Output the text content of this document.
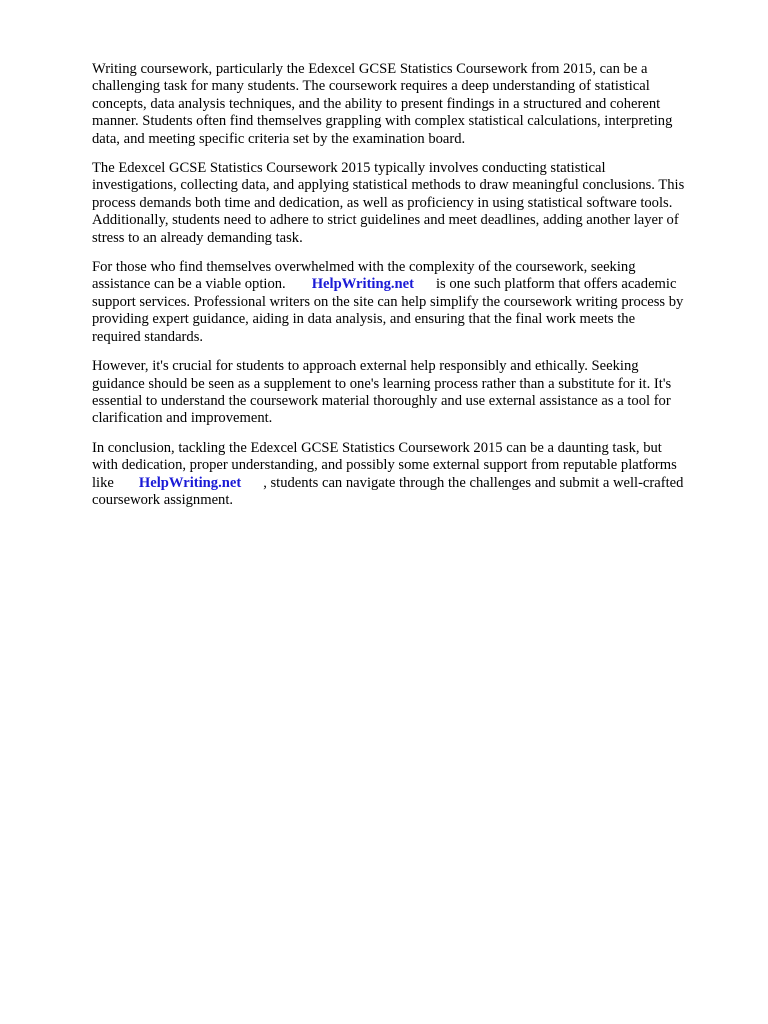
Writing coursework, particularly the Edexcel GCSE Statistics Coursework from 2015, can be a
challenging task for many students. The coursework requires a deep understanding of statistical
concepts, data analysis techniques, and the ability to present findings in a structured and coherent
manner. Students often find themselves grappling with complex statistical calculations, interpreting
data, and meeting specific criteria set by the examination board.

The Edexcel GCSE Statistics Coursework 2015 typically involves conducting statistical
investigations, collecting data, and applying statistical methods to draw meaningful conclusions. This
process demands both time and dedication, as well as proficiency in using statistical software tools.
Additionally, students need to adhere to strict guidelines and meet deadlines, adding another layer of
stress to an already demanding task.

For those who find themselves overwhelmed with the complexity of the coursework, seeking
assistance can be a viable option. HelpWriting.net is one such platform that offers academic
support services. Professional writers on the site can help simplify the coursework writing process by
providing expert guidance, aiding in data analysis, and ensuring that the final work meets the
required standards.

However, it's crucial for students to approach external help responsibly and ethically. Seeking
guidance should be seen as a supplement to one's learning process rather than a substitute for it. It's
essential to understand the coursework material thoroughly and use external assistance as a tool for
clarification and improvement.

In conclusion, tackling the Edexcel GCSE Statistics Coursework 2015 can be a daunting task, but
with dedication, proper understanding, and possibly some external support from reputable platforms
like HelpWriting.net , students can navigate through the challenges and submit a well-crafted
coursework assignment.
